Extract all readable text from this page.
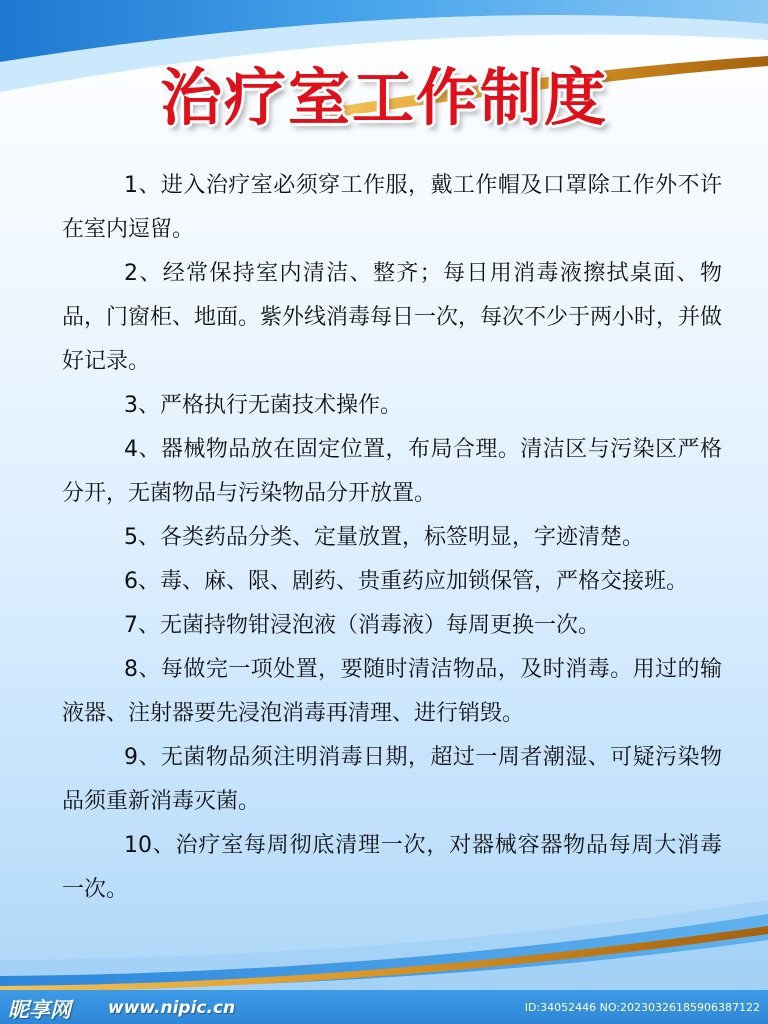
治疗室工作制度

1、进入治疗室必须穿工作服，戴工作帽及口罩除工作外不许在室内逗留。

2、经常保持室内清洁、整齐；每日用消毒液擦拭桌面、物品，门窗柜、地面。紫外线消毒每日一次，每次不少于两小时，并做好记录。

3、严格执行无菌技术操作。

4、器械物品放在固定位置，布局合理。清洁区与污染区严格分开，无菌物品与污染物品分开放置。

5、各类药品分类、定量放置，标签明显，字迹清楚。

6、毒、麻、限、剧药、贵重药应加锁保管，严格交接班。

7、无菌持物钳浸泡液（消毒液）每周更换一次。

8、每做完一项处置，要随时清洁物品，及时消毒。用过的输液器、注射器要先浸泡消毒再清理、进行销毁。

9、无菌物品须注明消毒日期，超过一周者潮湿、可疑污染物品须重新消毒灭菌。

10、治疗室每周彻底清理一次，对器械容器物品每周大消毒一次。

昵享网 www.nipic.cn	ID:34052446 NO:20230326185906387122
